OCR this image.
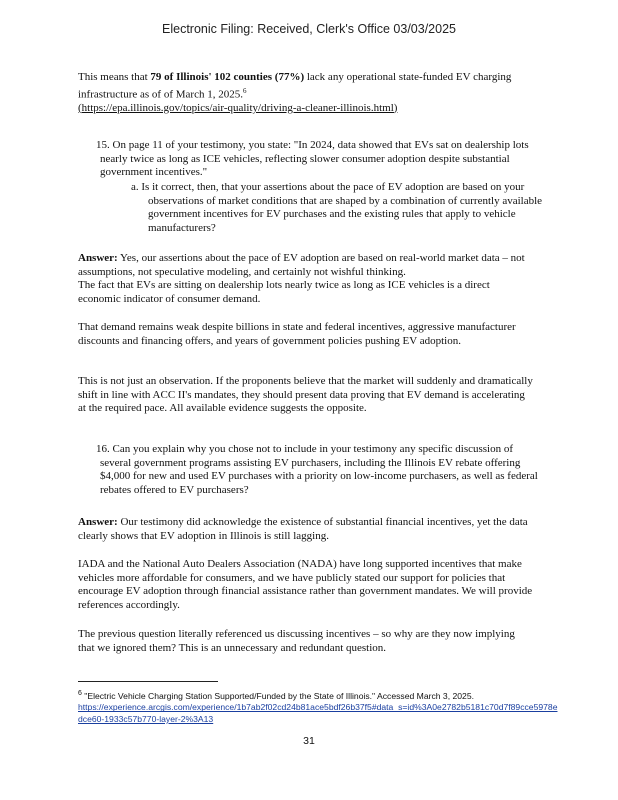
Electronic Filing: Received, Clerk's Office 03/03/2025

This means that 79 of Illinois' 102 counties (77%) lack any operational state-funded EV charging infrastructure as of of March 1, 2025.$^6$
(https://epa.illinois.gov/topics/air-quality/driving-a-cleaner-illinois.html)

15. On page 11 of your testimony, you state: "In 2024, data showed that EVs sat on dealership lots nearly twice as long as ICE vehicles, reflecting slower consumer adoption despite substantial government incentives."

a. Is it correct, then, that your assertions about the pace of EV adoption are based on your observations of market conditions that are shaped by a combination of currently available government incentives for EV purchases and the existing rules that apply to vehicle manufacturers?

Answer: Yes, our assertions about the pace of EV adoption are based on real-world market data – not assumptions, not speculative modeling, and certainly not wishful thinking.

The fact that EVs are sitting on dealership lots nearly twice as long as ICE vehicles is a direct economic indicator of consumer demand.

That demand remains weak despite billions in state and federal incentives, aggressive manufacturer discounts and financing offers, and years of government policies pushing EV adoption.

This is not just an observation. If the proponents believe that the market will suddenly and dramatically shift in line with ACC II's mandates, they should present data proving that EV demand is accelerating at the required pace. All available evidence suggests the opposite.

16. Can you explain why you chose not to include in your testimony any specific discussion of several government programs assisting EV purchasers, including the Illinois EV rebate offering $4,000 for new and used EV purchases with a priority on low-income purchasers, as well as federal rebates offered to EV purchasers?

Answer: Our testimony did acknowledge the existence of substantial financial incentives, yet the data clearly shows that EV adoption in Illinois is still lagging.

IADA and the National Auto Dealers Association (NADA) have long supported incentives that make vehicles more affordable for consumers, and we have publicly stated our support for policies that encourage EV adoption through financial assistance rather than government mandates. We will provide references accordingly.

The previous question literally referenced us discussing incentives – so why are they now implying that we ignored them? This is an unnecessary and redundant question.

$^6$ "Electric Vehicle Charging Station Supported/Funded by the State of Illinois." Accessed March 3, 2025.
https://experience.arcgis.com/experience/1b7ab2f02cd24b81ace5bdf26b37f5#data_s=id%3A0e2782b5181c70d7f89cce5978edce60-1933c57b770-layer-2%3A13
31
